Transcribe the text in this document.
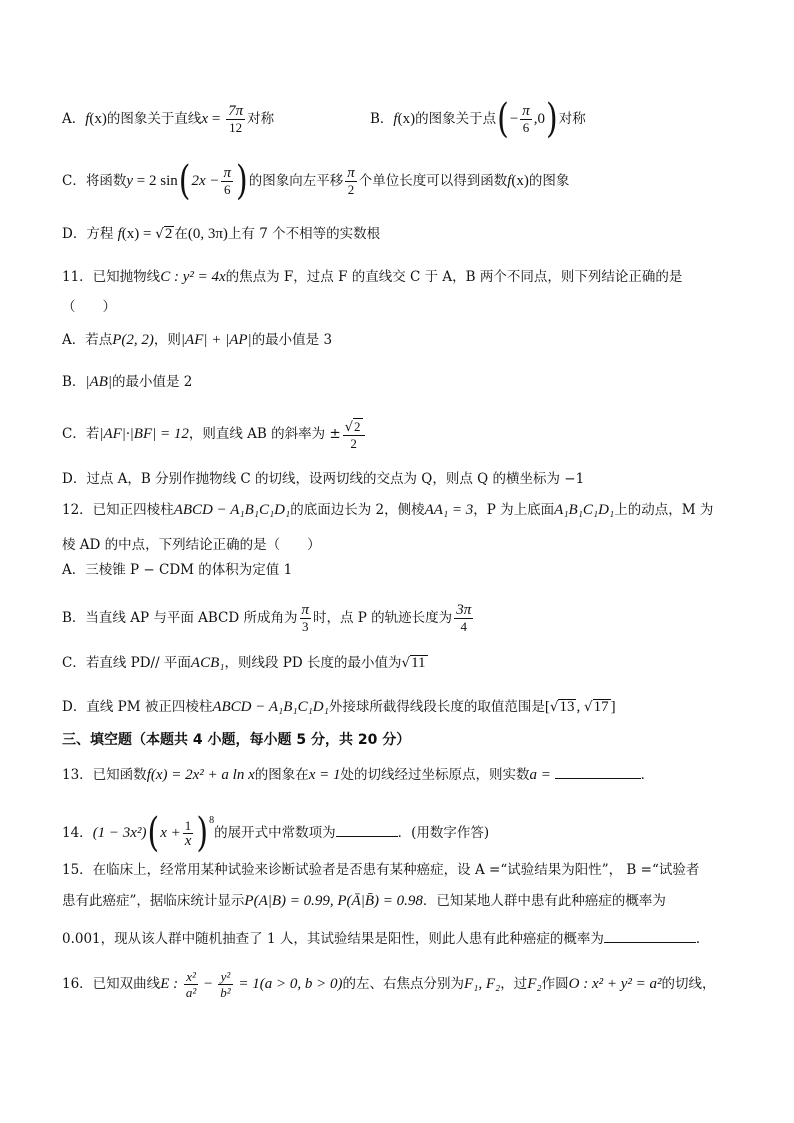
A．f(x)的图象关于直线$x = \frac{7\pi}{12}$ 对称	B．f(x)的图象关于点(− $\frac{\pi}{6} ,0$)对称
C．将函数y = 2 $\sin(2x - \frac{\pi}{6}$ )的图象向左平移 $\frac{\pi}{2}$ 个单位长度可以得到函数f(x)的图象
D．方程 f(x) = √2 在(0, 3π)上有 7 个不相等的实数根
11．已知抛物线C : y² = 4x的焦点为 F，过点 F 的直线交 C 于 A，B 两个不同点，则下列结论正确的是
（　　）
A．若点P(2, 2)，则|AF| + |AP|的最小值是 3
B．|AB|的最小值是 2
C．若|AF|·|BF| = 12，则直线 AB 的斜率为 ± $\frac{√2}{2}$
D．过点 A，B 分别作抛物线 C 的切线，设两切线的交点为 Q，则点 Q 的横坐标为 −1
12．已知正四棱柱ABCD − A₁B₁C₁D₁的底面边长为 2，侧棱AA₁ = 3，P 为上底面A₁B₁C₁D₁上的动点，M 为
棱 AD 的中点，下列结论正确的是（　　）
A．三棱锥 P − CDM 的体积为定值 1
B．当直线 AP 与平面 ABCD 所成角为 $\frac{\pi}{3}$ 时，点 P 的轨迹长度为 $\frac{3\pi}{4}$
C．若直线 PD// 平面ACB₁，则线段 PD 长度的最小值为√11
D．直线 PM 被正四棱柱ABCD − A₁B₁C₁D₁外接球所截得线段长度的取值范围是[√13 , √17 ]
三、填空题（本题共 4 小题，每小题 5 分，共 20 分）
13．已知函数f(x) = 2x² + a ln x的图象在x = 1处的切线经过坐标原点，则实数a =	．
14．$(1 - 3x^2)(x + \frac{1}{x} )^8$的展开式中常数项为	．(用数字作答)
15．在临床上，经常用某种试验来诊断试验者是否患有某种癌症，设 A =“试验结果为阳性”， B =“试验者
患有此癌症”，据临床统计显示P(A|B) = 0.99, P(Ā|B̄) = 0.98．已知某地人群中患有此种癌症的概率为
0.001，现从该人群中随机抽查了 1 人，其试验结果是阳性，则此人患有此种癌症的概率为	．
16．已知双曲线E : $\frac{\text{x²}}{\text{a²}} - \frac{\text{y²}}{\text{b²}} = 1(a > 0$, b > 0)的左、右焦点分别为F₁, F₂，过F₂作圆O : x² + y² = a²的切线，
